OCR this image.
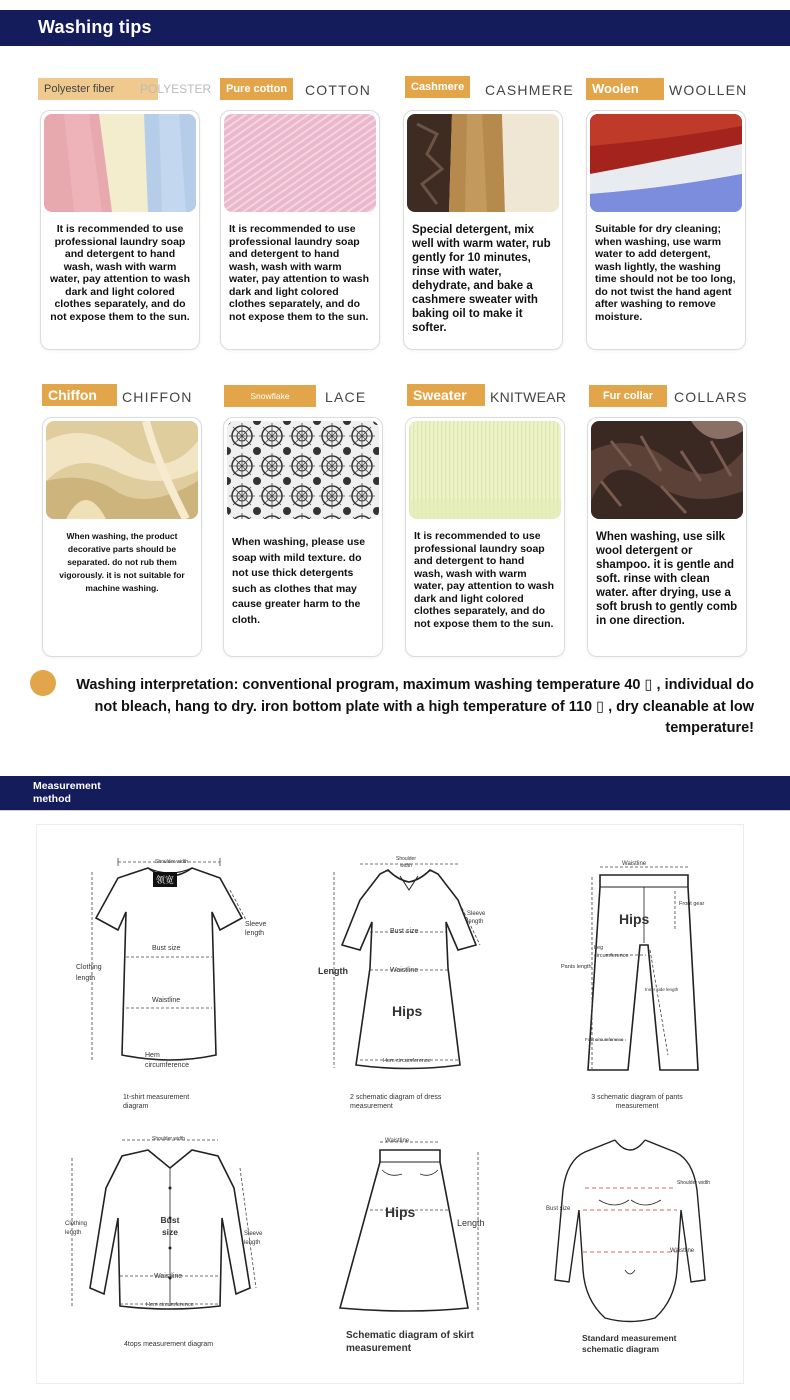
Washing tips
Polyester fiber	POLYESTER	Pure cotton	COTTON	Cashmere	CASHMERE	Woolen	WOOLLEN
It is recommended to use professional laundry soap and detergent to hand wash, wash with warm water, pay attention to wash dark and light colored clothes separately, and do not expose them to the sun.
It is recommended to use professional laundry soap and detergent to hand wash, wash with warm water, pay attention to wash dark and light colored clothes separately, and do not expose them to the sun.
Special detergent, mix well with warm water, rub gently for 10 minutes, rinse with water, dehydrate, and bake a cashmere sweater with baking oil to make it softer.
Suitable for dry cleaning; when washing, use warm water to add detergent, wash lightly, the washing time should not be too long, do not twist the hand agent after washing to remove moisture.
Chiffon	CHIFFON	Snowflake	LACE	Sweater	KNITWEAR	Fur collar	COLLARS
When washing, the product decorative parts should be separated. do not rub them vigorously. it is not suitable for machine washing.
When washing, please use soap with mild texture. do not use thick detergents such as clothes that may cause greater harm to the cloth.
It is recommended to use professional laundry soap and detergent to hand wash, wash with warm water, pay attention to wash dark and light colored clothes separately, and do not expose them to the sun.
When washing, use silk wool detergent or shampoo. it is gentle and soft. rinse with clean water. after drying, use a soft brush to gently comb in one direction.
Washing interpretation: conventional program, maximum washing temperature 40 ▯ , individual do not bleach, hang to dry. iron bottom plate with a high temperature of 110 ▯ , dry cleanable at low temperature!
Measurement method
Shoulder width
领宽
Sleeve length
Bust size
Clothing length
Waistline
Hem circumference
1t-shirt measurement diagram
Shoulder width
Sleeve length
Bust size
Length	Waistline
Hips
Hem circumference
2 schematic diagram of dress measurement
Waistline
Front gear
Hips
Leg circumference
Pants length
Inner side length
Foot circumference
3 schematic diagram of pants measurement
Shoulder width
Bust size	Sleeve length
Clothing length
Waistline
Hem circumference
4tops measurement diagram
Waistline
Hips
Length
Schematic diagram of skirt measurement
Shoulder width
Bust size
Waistline
Standard measurement schematic diagram
